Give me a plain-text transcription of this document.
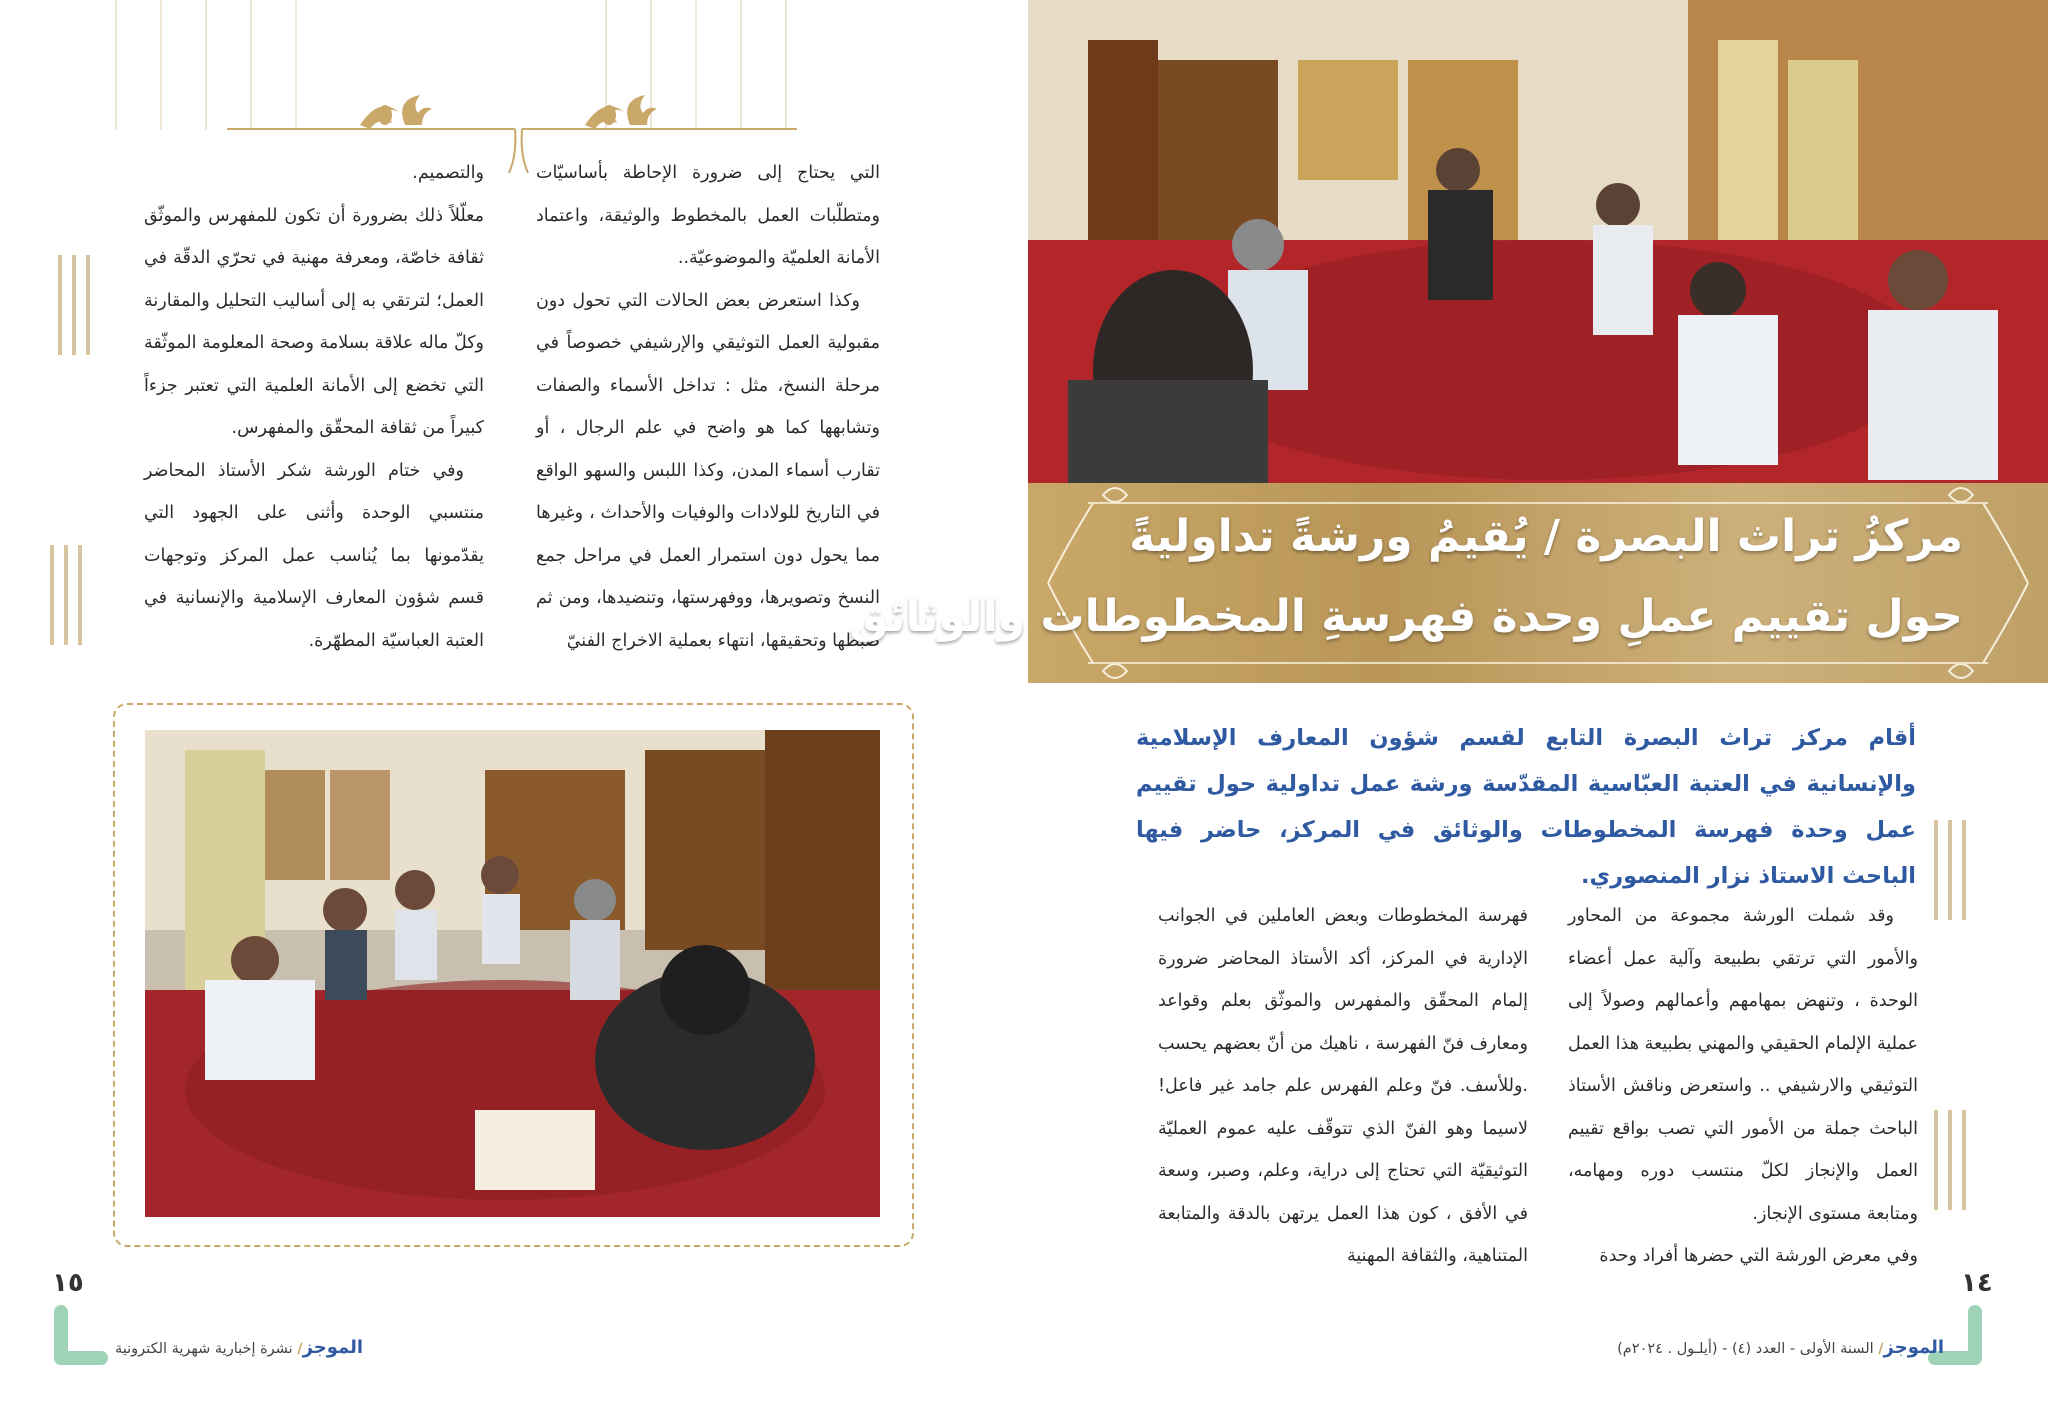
التي يحتاج إلى ضرورة الإحاطة بأساسيّات ومتطلّبات العمل بالمخطوط والوثيقة، واعتماد الأمانة العلميّة والموضوعيّة..

وكذا استعرض بعض الحالات التي تحول دون مقبولية العمل التوثيقي والإرشيفي خصوصاً في مرحلة النسخ، مثل : تداخل الأسماء والصفات وتشابهها كما هو واضح في علم الرجال ، أو تقارب أسماء المدن، وكذا اللبس والسهو الواقع في التاريخ للولادات والوفيات والأحداث ، وغيرها مما يحول دون استمرار العمل في مراحل جمع النسخ وتصويرها، ووفهرستها، وتنضيدها، ومن ثم ضبطها وتحقيقها، انتهاء بعملية الاخراج الفنيّ

والتصميم.

معلّلاً ذلك بضرورة أن تكون للمفهرس والموثّق ثقافة خاصّة، ومعرفة مهنية في تحرّي الدقّة في العمل؛ لترتقي به إلى أساليب التحليل والمقارنة وكلّ ماله علاقة بسلامة وصحة المعلومة الموثّقة التي تخضع إلى الأمانة العلمية التي تعتبر جزءاً كبيراً من ثقافة المحقّق والمفهرس.

وفي ختام الورشة شكر الأستاذ المحاضر منتسبي الوحدة وأثنى على الجهود التي يقدّمونها بما يُناسب عمل المركز وتوجهات قسم شؤون المعارف الإسلامية والإنسانية في العتبة العباسيّة المطهّرة.

١٥
الموجز/ نشرة إخبارية شهرية الكترونية
مركزُ تراث البصرة / يُقيمُ ورشةً تداوليةً
حول تقييم عملِ وحدة فهرسةِ المخطوطات والوثائق
أقام مركز تراث البصرة التابع لقسم شؤون المعارف الإسلامية والإنسانية في العتبة العبّاسية المقدّسة ورشة عمل تداولية حول تقييم عمل وحدة فهرسة المخطوطات والوثائق في المركز، حاضر فيها الباحث الاستاذ نزار المنصوري.

وقد شملت الورشة مجموعة من المحاور والأمور التي ترتقي بطبيعة وآلية عمل أعضاء الوحدة ، وتنهض بمهامهم وأعمالهم وصولاً إلى عملية الإلمام الحقيقي والمهني بطبيعة هذا العمل التوثيقي والارشيفي .. واستعرض وناقش الأستاذ الباحث جملة من الأمور التي تصب بواقع تقييم العمل والإنجاز لكلّ منتسب دوره ومهامه، ومتابعة مستوى الإنجاز.

وفي معرض الورشة التي حضرها أفراد وحدة

فهرسة المخطوطات وبعض العاملين في الجوانب الإدارية في المركز، أكد الأستاذ المحاضر ضرورة إلمام المحقّق والمفهرس والموثّق بعلم وقواعد ومعارف فنّ الفهرسة ، ناهيك من أنّ بعضهم يحسب .وللأسف. فنّ وعلم الفهرس علم جامد غير فاعل! لاسيما وهو الفنّ الذي تتوقّف عليه عموم العمليّة التوثيقيّة التي تحتاج إلى دراية، وعلم، وصبر، وسعة في الأفق ، كون هذا العمل يرتهن بالدقة والمتابعة المتناهية، والثقافة المهنية

١٤
الموجز/ السنة الأولى - العدد (٤) - (أيلـول . ٢٠٢٤م)
